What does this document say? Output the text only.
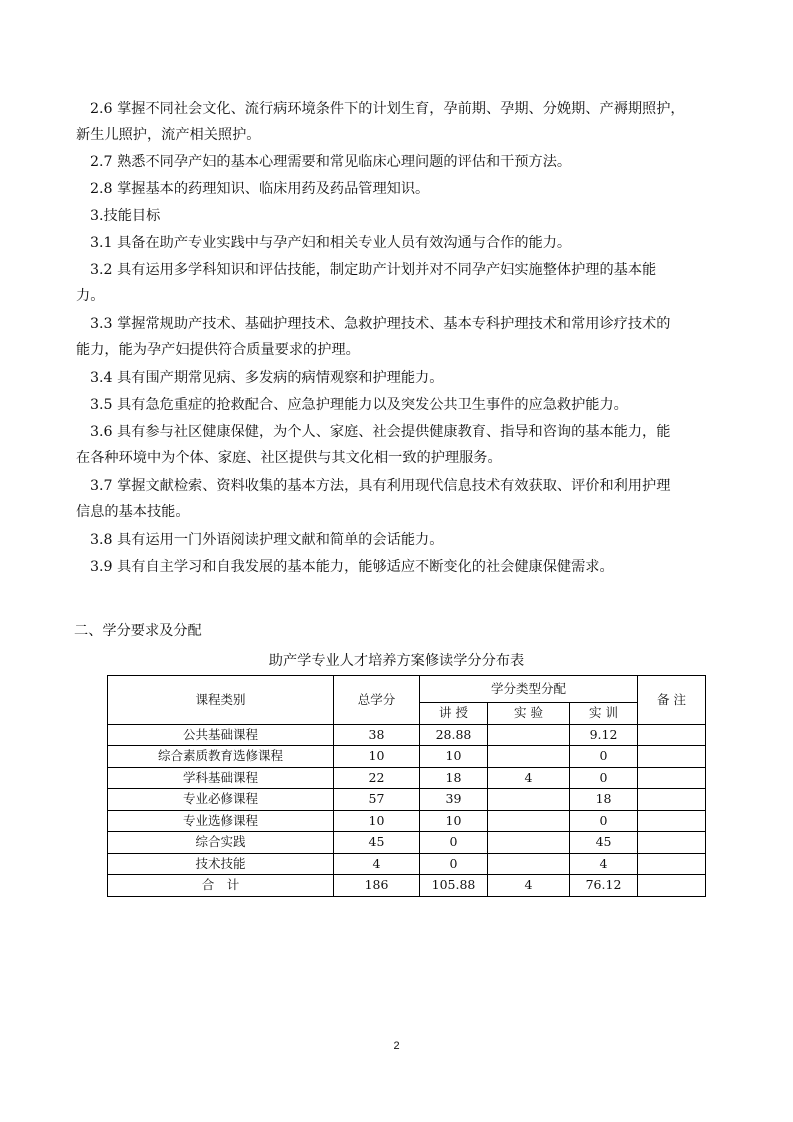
2.6 掌握不同社会文化、流行病环境条件下的计划生育，孕前期、孕期、分娩期、产褥期照护，
新生儿照护，流产相关照护。
2.7 熟悉不同孕产妇的基本心理需要和常见临床心理问题的评估和干预方法。
2.8 掌握基本的药理知识、临床用药及药品管理知识。
3.技能目标
3.1 具备在助产专业实践中与孕产妇和相关专业人员有效沟通与合作的能力。
3.2 具有运用多学科知识和评估技能，制定助产计划并对不同孕产妇实施整体护理的基本能
力。
3.3 掌握常规助产技术、基础护理技术、急救护理技术、基本专科护理技术和常用诊疗技术的
能力，能为孕产妇提供符合质量要求的护理。
3.4 具有围产期常见病、多发病的病情观察和护理能力。
3.5 具有急危重症的抢救配合、应急护理能力以及突发公共卫生事件的应急救护能力。
3.6 具有参与社区健康保健，为个人、家庭、社会提供健康教育、指导和咨询的基本能力，能
在各种环境中为个体、家庭、社区提供与其文化相一致的护理服务。
3.7 掌握文献检索、资料收集的基本方法，具有利用现代信息技术有效获取、评价和利用护理
信息的基本技能。
3.8 具有运用一门外语阅读护理文献和简单的会话能力。
3.9 具有自主学习和自我发展的基本能力，能够适应不断变化的社会健康保健需求。
二、学分要求及分配
助产学专业人才培养方案修读学分分布表
课程类别	总学分	学分类型分配			备 注
		讲 授	实 验	实 训	
公共基础课程	38	28.88		9.12	
综合素质教育选修课程	10	10		0	
学科基础课程	22	18	4	0	
专业必修课程	57	39		18	
专业选修课程	10	10		0	
综合实践	45	0		45	
技术技能	4	0		4	
合　计	186	105.88	4	76.12	
2
